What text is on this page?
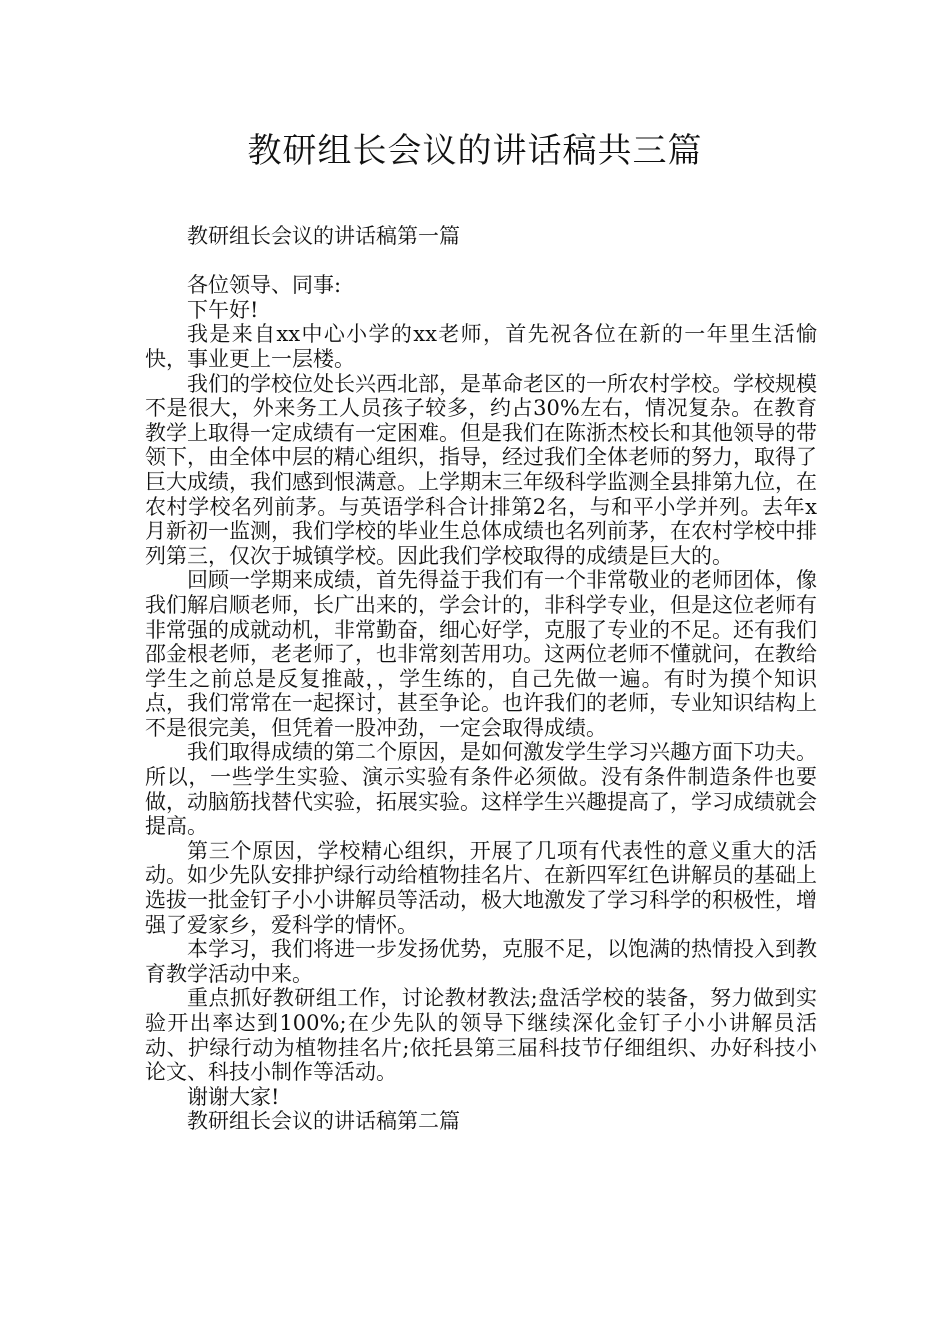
教研组长会议的讲话稿共三篇

教研组长会议的讲话稿第一篇

各位领导、同事:

下午好!

我是来自xx中心小学的xx老师，首先祝各位在新的一年里生活愉快，事业更上一层楼。

我们的学校位处长兴西北部，是革命老区的一所农村学校。学校规模不是很大，外来务工人员孩子较多，约占30%左右，情况复杂。在教育教学上取得一定成绩有一定困难。但是我们在陈浙杰校长和其他领导的带领下，由全体中层的精心组织，指导，经过我们全体老师的努力，取得了巨大成绩，我们感到恨满意。上学期末三年级科学监测全县排第九位，在农村学校名列前茅。与英语学科合计排第2名，与和平小学并列。去年x月新初一监测，我们学校的毕业生总体成绩也名列前茅，在农村学校中排列第三，仅次于城镇学校。因此我们学校取得的成绩是巨大的。

回顾一学期来成绩，首先得益于我们有一个非常敬业的老师团体，像我们解启顺老师，长广出来的，学会计的，非科学专业，但是这位老师有非常强的成就动机，非常勤奋，细心好学，克服了专业的不足。还有我们邵金根老师，老老师了，也非常刻苦用功。这两位老师不懂就问，在教给学生之前总是反复推敲，，学生练的，自己先做一遍。有时为摸个知识点，我们常常在一起探讨，甚至争论。也许我们的老师，专业知识结构上不是很完美，但凭着一股冲劲，一定会取得成绩。

我们取得成绩的第二个原因，是如何激发学生学习兴趣方面下功夫。所以，一些学生实验、演示实验有条件必须做。没有条件制造条件也要做，动脑筋找替代实验，拓展实验。这样学生兴趣提高了，学习成绩就会提高。

第三个原因，学校精心组织，开展了几项有代表性的意义重大的活动。如少先队安排护绿行动给植物挂名片、在新四军红色讲解员的基础上选拔一批金钉子小小讲解员等活动，极大地激发了学习科学的积极性，增强了爱家乡，爱科学的情怀。

本学习，我们将进一步发扬优势，克服不足，以饱满的热情投入到教育教学活动中来。

重点抓好教研组工作，讨论教材教法;盘活学校的装备，努力做到实验开出率达到100%;在少先队的领导下继续深化金钉子小小讲解员活动、护绿行动为植物挂名片;依托县第三届科技节仔细组织、办好科技小论文、科技小制作等活动。

谢谢大家!

教研组长会议的讲话稿第二篇
